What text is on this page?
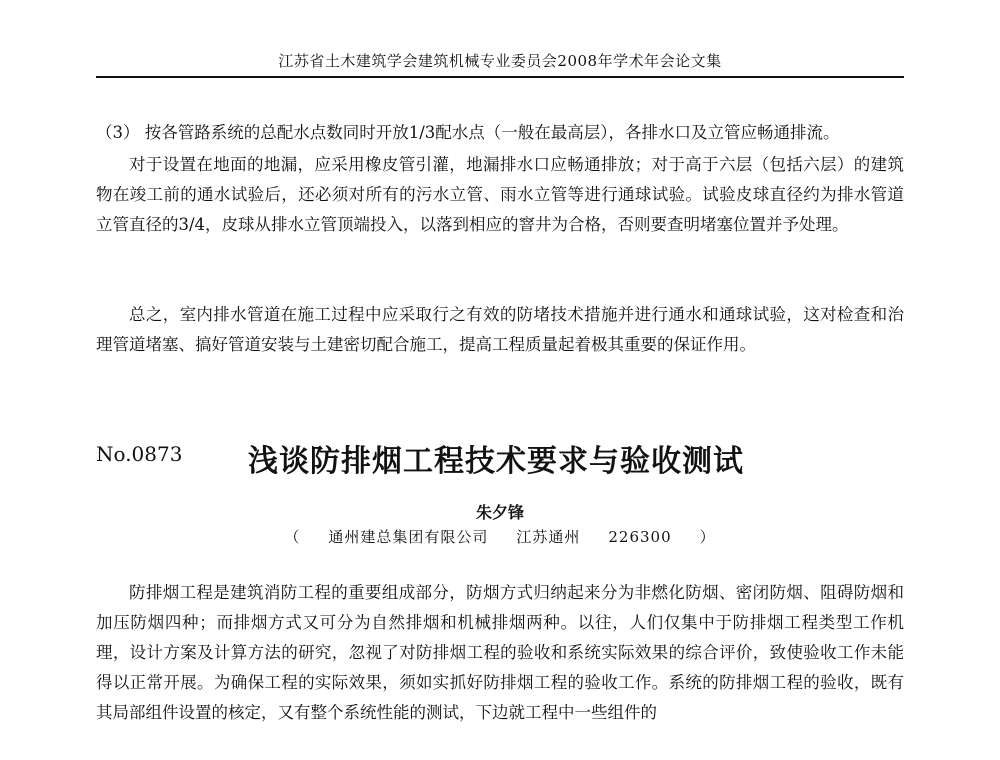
江苏省土木建筑学会建筑机械专业委员会2008年学术年会论文集

（3） 按各管路系统的总配水点数同时开放1/3配水点（一般在最高层），各排水口及立管应畅通排流。

对于设置在地面的地漏，应采用橡皮管引灌，地漏排水口应畅通排放；对于高于六层（包括六层）的建筑物在竣工前的通水试验后，还必须对所有的污水立管、雨水立管等进行通球试验。试验皮球直径约为排水管道立管直径的3/4，皮球从排水立管顶端投入，以落到相应的窨井为合格，否则要查明堵塞位置并予处理。

总之，室内排水管道在施工过程中应采取行之有效的防堵技术措施并进行通水和通球试验，这对检查和治理管道堵塞、搞好管道安装与土建密切配合施工，提高工程质量起着极其重要的保证作用。

No.0873 浅谈防排烟工程技术要求与验收测试
朱夕锋
（ 通州建总集团有限公司 江苏通州 226300 ）

防排烟工程是建筑消防工程的重要组成部分，防烟方式归纳起来分为非燃化防烟、密闭防烟、阻碍防烟和加压防烟四种；而排烟方式又可分为自然排烟和机械排烟两种。以往，人们仅集中于防排烟工程类型工作机理，设计方案及计算方法的研究，忽视了对防排烟工程的验收和系统实际效果的综合评价，致使验收工作未能得以正常开展。为确保工程的实际效果，须如实抓好防排烟工程的验收工作。系统的防排烟工程的验收，既有其局部组件设置的核定，又有整个系统性能的测试，下边就工程中一些组件的
